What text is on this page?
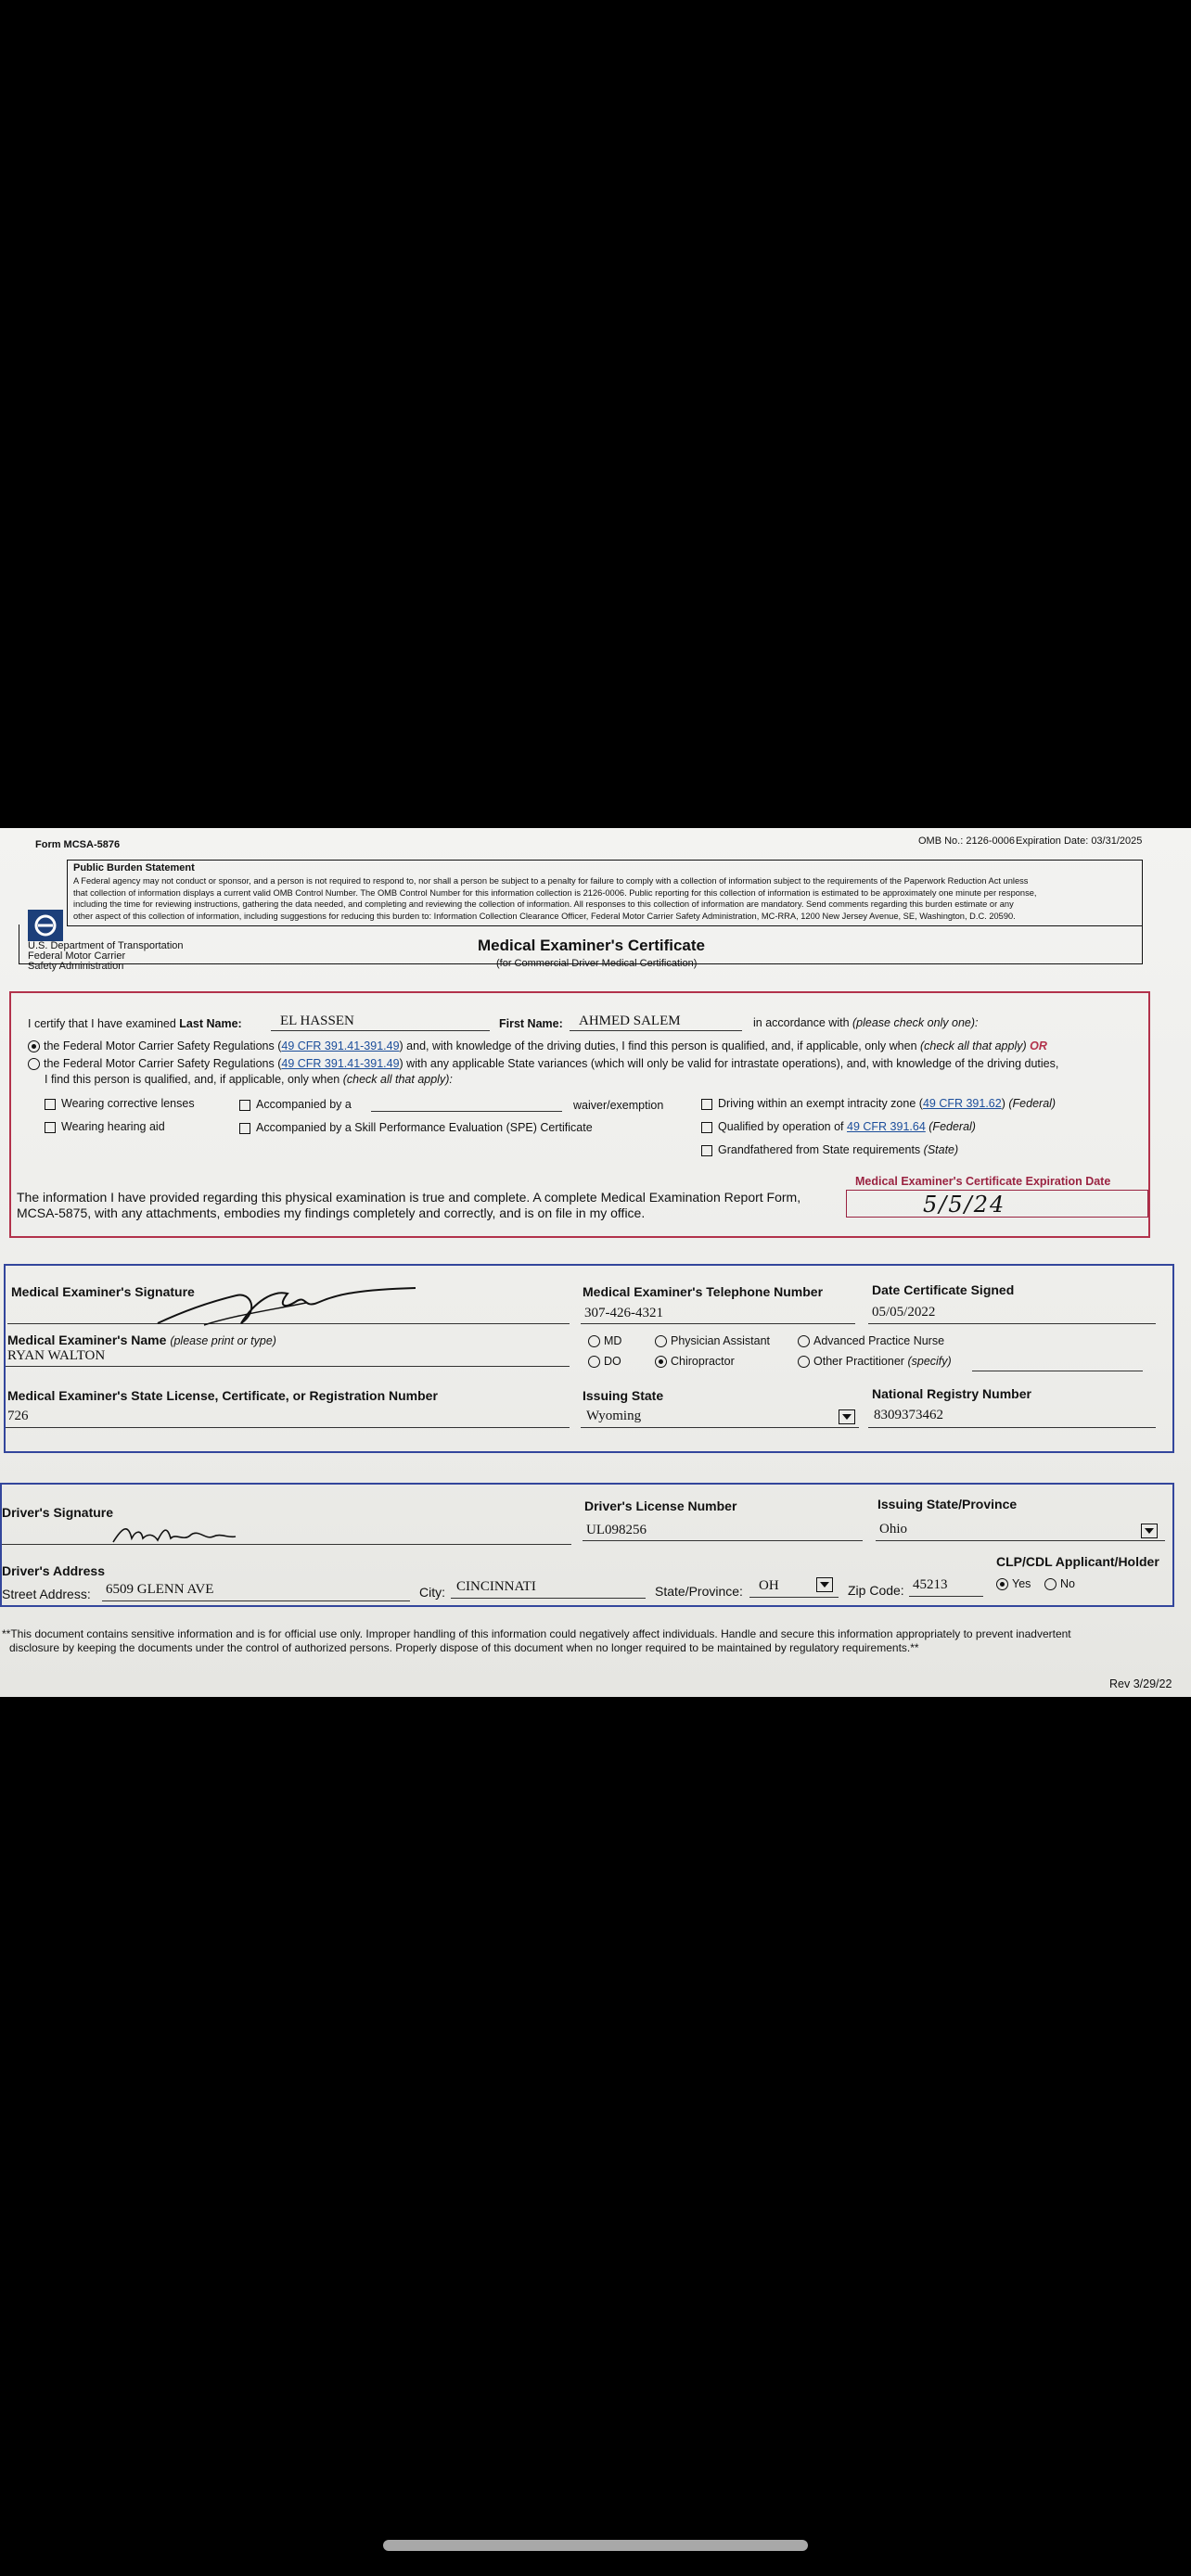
Form MCSA-5876	OMB No.: 2126-0006 Expiration Date: 03/31/2025
Public Burden Statement
A Federal agency may not conduct or sponsor, and a person is not required to respond to, nor shall a person be subject to a penalty for failure to comply with a collection of information subject to the requirements of the Paperwork Reduction Act unless
that collection of information displays a current valid OMB Control Number. The OMB Control Number for this information collection is 2126-0006. Public reporting for this collection of information is estimated to be approximately one minute per response,
including the time for reviewing instructions, gathering the data needed, and completing and reviewing the collection of information. All responses to this collection of information are mandatory. Send comments regarding this burden estimate or any
other aspect of this collection of information, including suggestions for reducing this burden to: Information Collection Clearance Officer, Federal Motor Carrier Safety Administration, MC-RRA, 1200 New Jersey Avenue, SE, Washington, D.C. 20590.
U.S. Department of Transportation
Federal Motor Carrier
Safety Administration
Medical Examiner's Certificate
(for Commercial Driver Medical Certification)
I certify that I have examined Last Name:	EL HASSEN	First Name: AHMED SALEM	in accordance with (please check only one):
the Federal Motor Carrier Safety Regulations (49 CFR 391.41-391.49) and, with knowledge of the driving duties, I find this person is qualified, and, if applicable, only when (check all that apply) OR
the Federal Motor Carrier Safety Regulations (49 CFR 391.41-391.49) with any applicable State variances (which will only be valid for intrastate operations), and, with knowledge of the driving duties,
I find this person is qualified, and, if applicable, only when (check all that apply):
Wearing corrective lenses
Wearing hearing aid
Accompanied by a	waiver/exemption
Accompanied by a Skill Performance Evaluation (SPE) Certificate
Driving within an exempt intracity zone (49 CFR 391.62) (Federal)
Qualified by operation of 49 CFR 391.64 (Federal)
Grandfathered from State requirements (State)
The information I have provided regarding this physical examination is true and complete. A complete Medical Examination Report Form,
MCSA-5875, with any attachments, embodies my findings completely and correctly, and is on file in my office.
Medical Examiner's Certificate Expiration Date
5/5/24
Medical Examiner's Signature	Medical Examiner's Telephone Number
307-426-4321
Date Certificate Signed
05/05/2022
Medical Examiner's Name (please print or type)
RYAN WALTON
MD
DO
Physician Assistant
Chiropractor
Advanced Practice Nurse
Other Practitioner (specify)
Medical Examiner's State License, Certificate, or Registration Number
726
Issuing State
Wyoming
National Registry Number
8309373462
Driver's Signature	Driver's License Number
UL098256
Issuing State/Province
Ohio
CLP/CDL Applicant/Holder
Yes	No
Driver's Address
Street Address: 6509 GLENN AVE	City: CINCINNATI	State/Province: OH	Zip Code: 45213
**This document contains sensitive information and is for official use only. Improper handling of this information could negatively affect individuals. Handle and secure this information appropriately to prevent inadvertent
disclosure by keeping the documents under the control of authorized persons. Properly dispose of this document when no longer required to be maintained by regulatory requirements.**
Rev 3/29/22
